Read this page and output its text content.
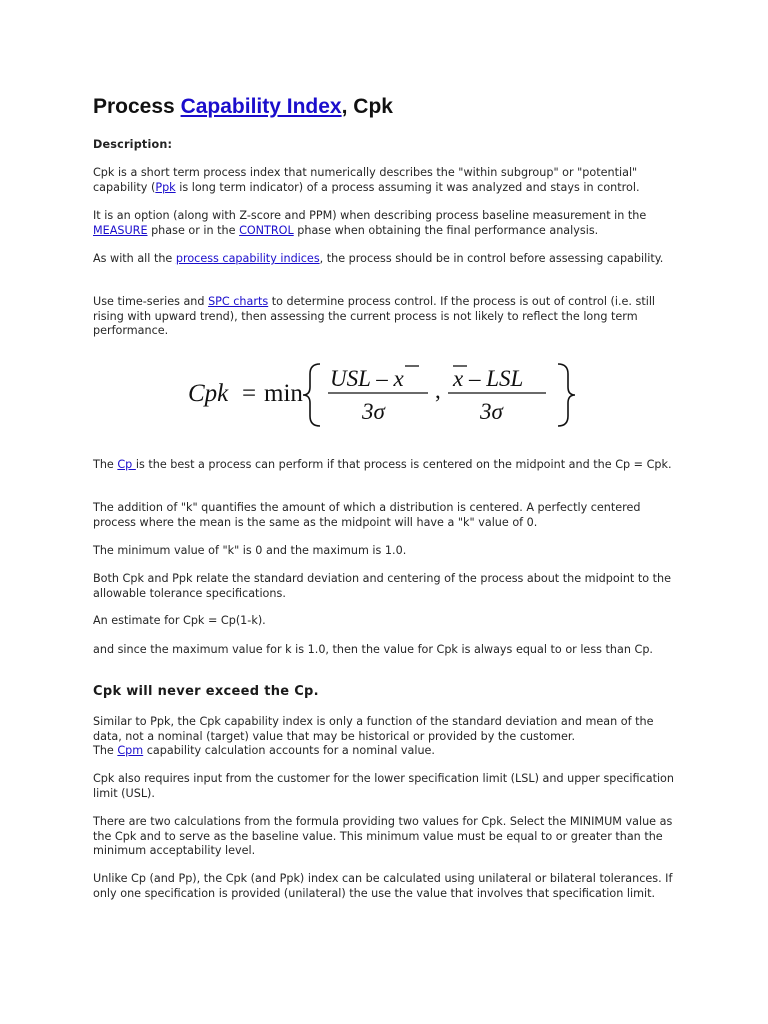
Process Capability Index, Cpk
Description:

Cpk is a short term process index that numerically describes the "within subgroup" or "potential" capability (Ppk is long term indicator) of a process assuming it was analyzed and stays in control.

It is an option (along with Z-score and PPM) when describing process baseline measurement in the MEASURE phase or in the CONTROL phase when obtaining the final performance analysis.

As with all the process capability indices, the process should be in control before assessing capability.

Use time-series and SPC charts to determine process control. If the process is out of control (i.e. still rising with upward trend), then assessing the current process is not likely to reflect the long term performance.

Cpk = min
USL – x
3σ
, x – LSL
3σ

The Cp is the best a process can perform if that process is centered on the midpoint and the Cp = Cpk.

The addition of "k" quantifies the amount of which a distribution is centered. A perfectly centered process where the mean is the same as the midpoint will have a "k" value of 0.

The minimum value of "k" is 0 and the maximum is 1.0.

Both Cpk and Ppk relate the standard deviation and centering of the process about the midpoint to the allowable tolerance specifications.

An estimate for Cpk = Cp(1-k).

and since the maximum value for k is 1.0, then the value for Cpk is always equal to or less than Cp.

Cpk will never exceed the Cp.

Similar to Ppk, the Cpk capability index is only a function of the standard deviation and mean of the data, not a nominal (target) value that may be historical or provided by the customer.
The Cpm capability calculation accounts for a nominal value.

Cpk also requires input from the customer for the lower specification limit (LSL) and upper specification limit (USL).

There are two calculations from the formula providing two values for Cpk. Select the MINIMUM value as the Cpk and to serve as the baseline value. This minimum value must be equal to or greater than the minimum acceptability level.

Unlike Cp (and Pp), the Cpk (and Ppk) index can be calculated using unilateral or bilateral tolerances. If only one specification is provided (unilateral) the use the value that involves that specification limit.
